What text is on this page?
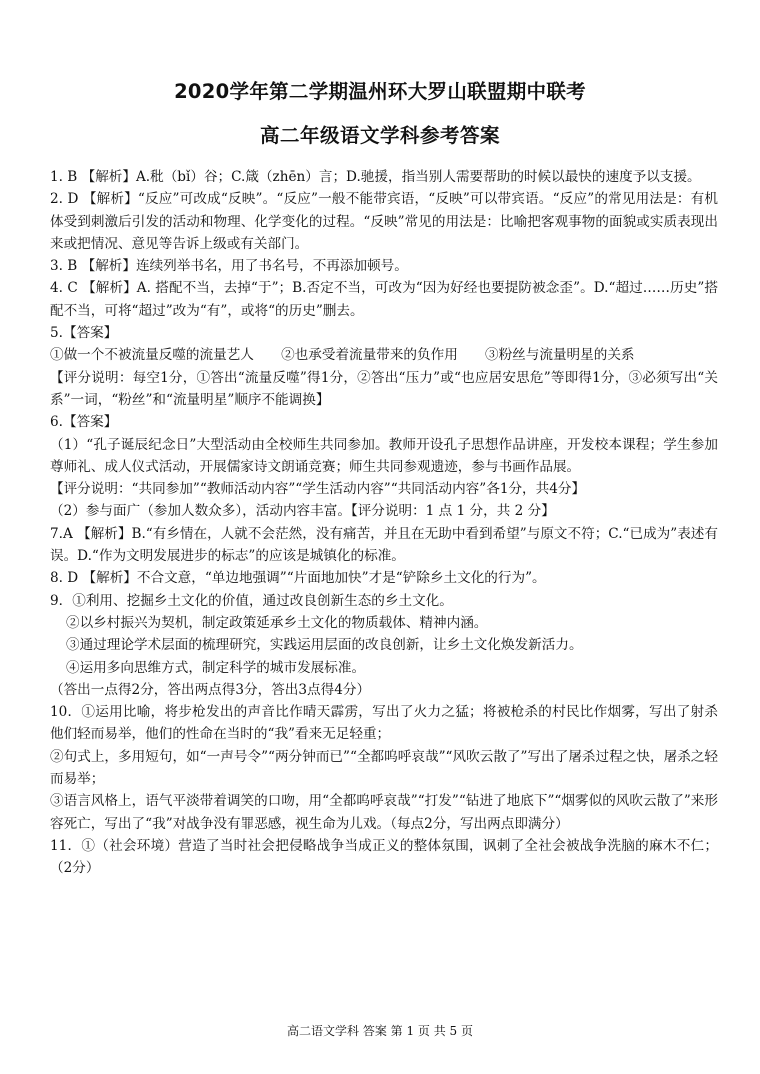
2020学年第二学期温州环大罗山联盟期中联考
高二年级语文学科参考答案

1. B 【解析】A.秕（bǐ）谷；C.箴（zhēn）言；D.驰援，指当别人需要帮助的时候以最快的速度予以支援。

2. D 【解析】“反应”可改成“反映”。“反应”一般不能带宾语，“反映”可以带宾语。“反应”的常见用法是：有机体受到刺激后引发的活动和物理、化学变化的过程。“反映”常见的用法是：比喻把客观事物的面貌或实质表现出来或把情况、意见等告诉上级或有关部门。

3. B 【解析】连续列举书名，用了书名号，不再添加顿号。

4. C 【解析】A. 搭配不当，去掉“于”；B.否定不当，可改为“因为好经也要提防被念歪”。D.“超过……历史”搭配不当，可将“超过”改为“有”，或将“的历史”删去。

5.【答案】

①做一个不被流量反噬的流量艺人　　②也承受着流量带来的负作用　　③粉丝与流量明星的关系

【评分说明：每空1分，①答出“流量反噬”得1分，②答出“压力”或“也应居安思危”等即得1分，③必须写出“关系”一词，“粉丝”和“流量明星”顺序不能调换】

6.【答案】

（1）“孔子诞辰纪念日”大型活动由全校师生共同参加。教师开设孔子思想作品讲座，开发校本课程；学生参加尊师礼、成人仪式活动，开展儒家诗文朗诵竞赛；师生共同参观遗迹，参与书画作品展。

【评分说明：“共同参加”“教师活动内容”“学生活动内容”“共同活动内容”各1分，共4分】

（2）参与面广（参加人数众多），活动内容丰富。【评分说明：1 点 1 分，共 2 分】

7.A 【解析】B.“有乡情在，人就不会茫然，没有痛苦，并且在无助中看到希望”与原文不符；C.“已成为”表述有误。D.“作为文明发展进步的标志”的应该是城镇化的标准。

8. D 【解析】不合文意，“单边地强调”“片面地加快”才是“铲除乡土文化的行为”。

9．①利用、挖掘乡土文化的价值，通过改良创新生态的乡土文化。

②以乡村振兴为契机，制定政策延承乡土文化的物质载体、精神内涵。

③通过理论学术层面的梳理研究，实践运用层面的改良创新，让乡土文化焕发新活力。

④运用多向思维方式，制定科学的城市发展标准。

（答出一点得2分，答出两点得3分，答出3点得4分）

10．①运用比喻，将步枪发出的声音比作晴天霹雳，写出了火力之猛；将被枪杀的村民比作烟雾，写出了射杀他们轻而易举，他们的性命在当时的“我”看来无足轻重；

②句式上，多用短句，如“一声号令”“两分钟而已”“全都呜呼哀哉”“风吹云散了”写出了屠杀过程之快，屠杀之轻而易举；

③语言风格上，语气平淡带着调笑的口吻，用“全都呜呼哀哉”“打发”“钻进了地底下”“烟雾似的风吹云散了”来形容死亡，写出了“我”对战争没有罪恶感，视生命为儿戏。（每点2分，写出两点即满分）

11．①（社会环境）营造了当时社会把侵略战争当成正义的整体氛围，讽刺了全社会被战争洗脑的麻木不仁；（2分）

高二语文学科 答案 第 1 页 共 5 页
